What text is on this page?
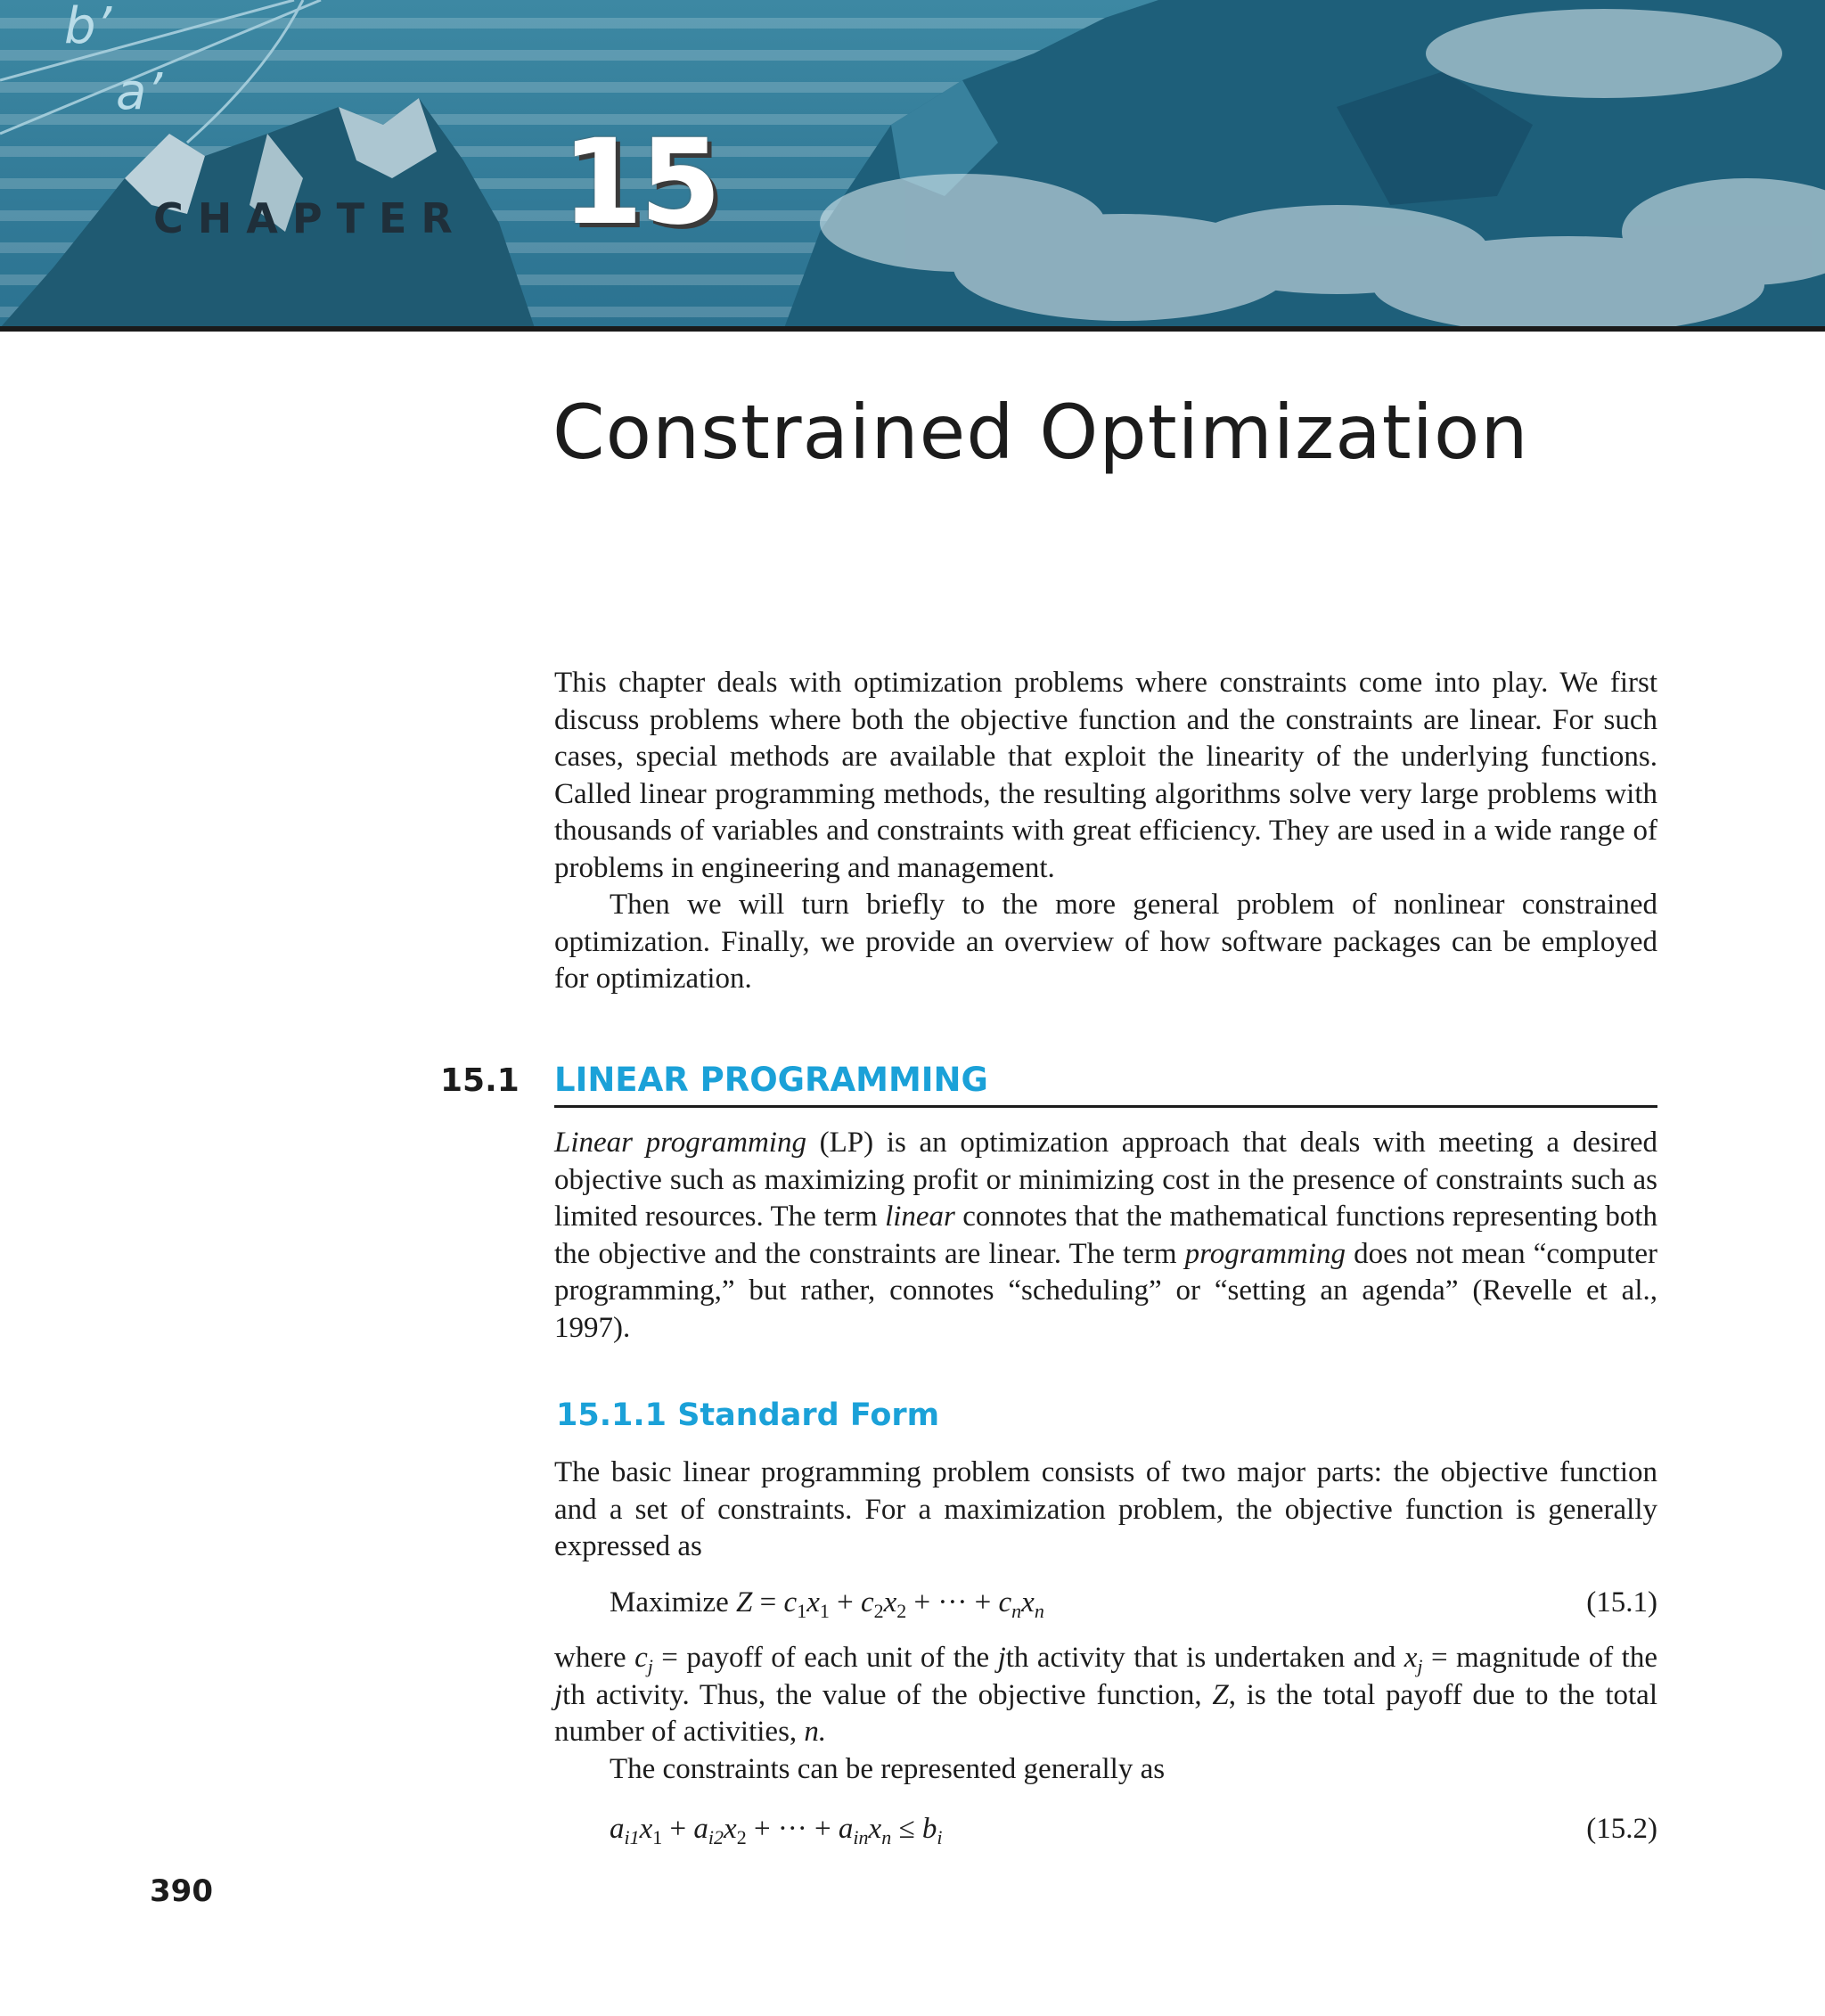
b’
a’
CHAPTER 15
Constrained Optimization

This chapter deals with optimization problems where constraints come into play. We first discuss problems where both the objective function and the constraints are linear. For such cases, special methods are available that exploit the linearity of the underlying functions. Called linear programming methods, the resulting algorithms solve very large problems with thousands of variables and constraints with great efficiency. They are used in a wide range of problems in engineering and management.

Then we will turn briefly to the more general problem of nonlinear constrained optimization. Finally, we provide an overview of how software packages can be employed for optimization.

15.1 LINEAR PROGRAMMING

Linear programming (LP) is an optimization approach that deals with meeting a desired objective such as maximizing profit or minimizing cost in the presence of constraints such as limited resources. The term linear connotes that the mathematical functions representing both the objective and the constraints are linear. The term programming does not mean “computer programming,” but rather, connotes “scheduling” or “setting an agenda” (Revelle et al., 1997).

15.1.1 Standard Form

The basic linear programming problem consists of two major parts: the objective function and a set of constraints. For a maximization problem, the objective function is generally expressed as

Maximize $Z = c_1x_1 + c_2x_2$ + ··· + $c_nx_n$	(15.1)

where $c_j$ = payoff of each unit of the jth activity that is undertaken and $x_j$ = magnitude of the jth activity. Thus, the value of the objective function, Z, is the total payoff due to the total number of activities, n.

The constraints can be represented generally as

$a_{i1}x_1 + a_{i2}x_2$ + ··· + $a_{in}x_n \le b_i$	(15.2)
390
